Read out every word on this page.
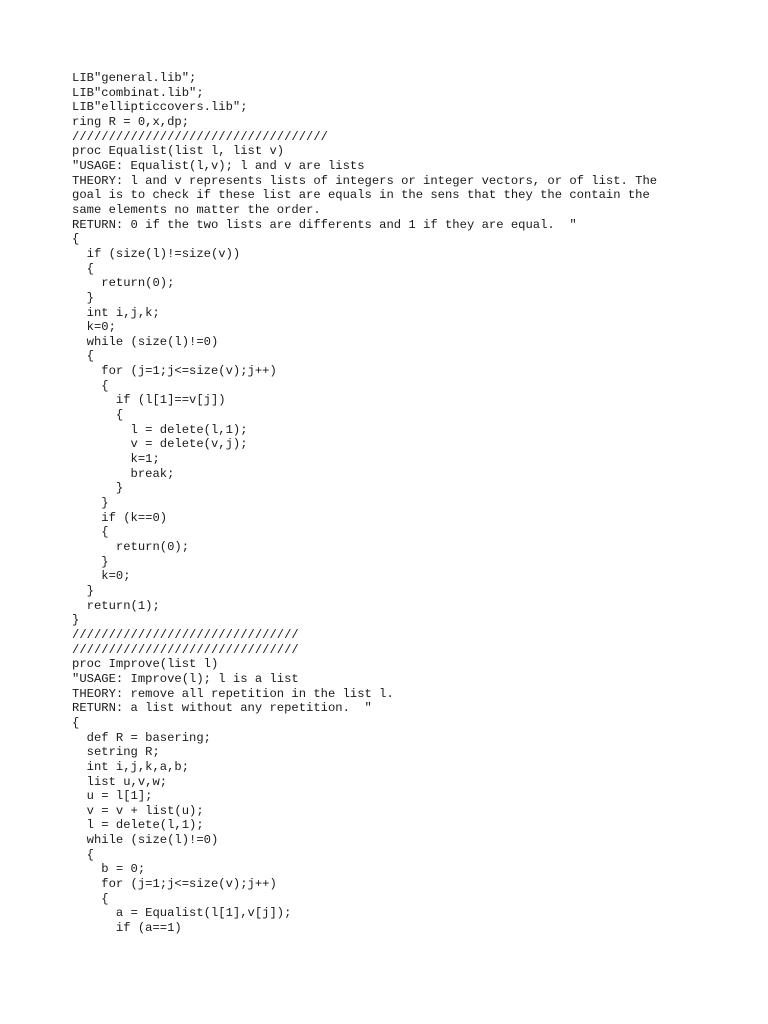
LIB"general.lib";
LIB"combinat.lib";
LIB"ellipticcovers.lib";
ring R = 0,x,dp;
///////////////////////////////////
proc Equalist(list l, list v)
"USAGE: Equalist(l,v); l and v are lists
THEORY: l and v represents lists of integers or integer vectors, or of list. The
goal is to check if these list are equals in the sens that they the contain the
same elements no matter the order.
RETURN: 0 if the two lists are differents and 1 if they are equal.  "
{
if (size(l)!=size(v))
{
return(0);
}
int i,j,k;
k=0;
while (size(l)!=0)
{
for (j=1;j<=size(v);j++)
{
if (l[1]==v[j])
{
l = delete(l,1);
v = delete(v,j);
k=1;
break;
}
}
if (k==0)
{
return(0);
}
k=0;
}
return(1);
}
///////////////////////////////
///////////////////////////////
proc Improve(list l)
"USAGE: Improve(l); l is a list
THEORY: remove all repetition in the list l.
RETURN: a list without any repetition.  "
{
def R = basering;
setring R;
int i,j,k,a,b;
list u,v,w;
u = l[1];
v = v + list(u);
l = delete(l,1);
while (size(l)!=0)
{
b = 0;
for (j=1;j<=size(v);j++)
{
a = Equalist(l[1],v[j]);
if (a==1)
